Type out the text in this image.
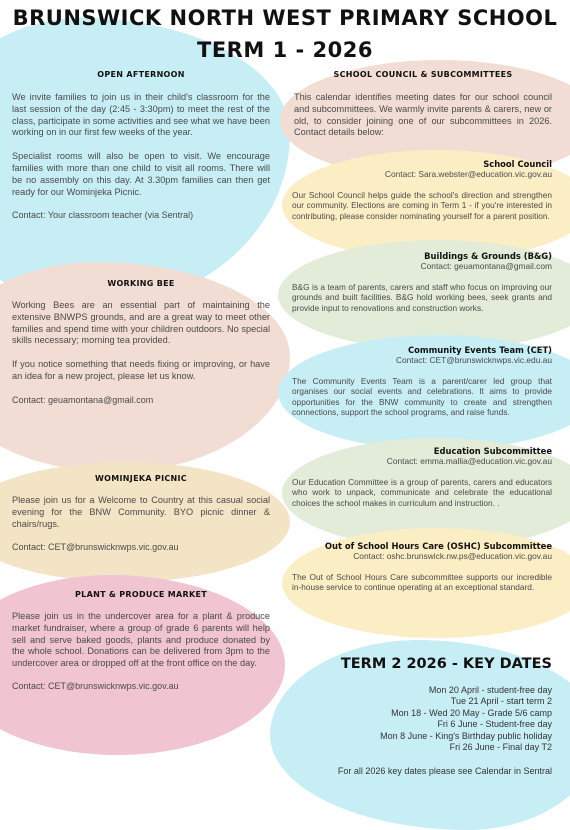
BRUNSWICK NORTH WEST PRIMARY SCHOOL
TERM 1 - 2026
OPEN AFTERNOON

We invite families to join us in their child's classroom for the last session of the day (2:45 - 3:30pm) to meet the rest of the class, participate in some activities and see what we have been working on in our first few weeks of the year.

Specialist rooms will also be open to visit. We encourage families with more than one child to visit all rooms. There will be no assembly on this day. At 3.30pm families can then get ready for our Wominjeka Picnic.

Contact: Your classroom teacher (via Sentral)

WORKING BEE

Working Bees are an essential part of maintaining the extensive BNWPS grounds, and are a great way to meet other families and spend time with your children outdoors. No special skills necessary; morning tea provided.

If you notice something that needs fixing or improving, or have an idea for a new project, please let us know.

Contact: geuamontana@gmail.com

WOMINJEKA PICNIC

Please join us for a Welcome to Country at this casual social evening for the BNW Community. BYO picnic dinner & chairs/rugs.

Contact: CET@brunswicknwps.vic.gov.au

PLANT & PRODUCE MARKET

Please join us in the undercover area for a plant & produce market fundraiser, where a group of grade 6 parents will help sell and serve baked goods, plants and produce donated by the whole school. Donations can be delivered from 3pm to the undercover area or dropped off at the front office on the day.

Contact: CET@brunswicknwps.vic.gov.au

SCHOOL COUNCIL & SUBCOMMITTEES

This calendar identifies meeting dates for our school council and subcommittees. We warmly invite parents & carers, new or old, to consider joining one of our subcommittees in 2026. Contact details below:

School Council
Contact: Sara.webster@education.vic.gov.au

Our School Council helps guide the school's direction and strengthen our community. Elections are coming in Term 1 - if you're interested in contributing, please consider nominating yourself for a parent position.

Buildings & Grounds (B&G)
Contact: geuamontana@gmail.com

B&G is a team of parents, carers and staff who focus on improving our grounds and built facilities. B&G hold working bees, seek grants and provide input to renovations and construction works.

Community Events Team (CET)
Contact: CET@brunswicknwps.vic.edu.au

The Community Events Team is a parent/carer led group that organises our social events and celebrations. It aims to provide opportunities for the BNW community to create and strengthen connections, support the school programs, and raise funds.

Education Subcommittee
Contact: emma.mallia@education.vic.gov.au

Our Education Committee is a group of parents, carers and educators who work to unpack, communicate and celebrate the educational choices the school makes in curriculum and instruction. .

Out of School Hours Care (OSHC) Subcommittee
Contact: oshc.brunswick.nw.ps@education.vic.gov.au

The Out of School Hours Care subcommittee supports our incredible in-house service to continue operating at an exceptional standard.

TERM 2 2026 - KEY DATES
Mon 20 April - student-free day
Tue 21 April - start term 2
Mon 18 - Wed 20 May - Grade 5/6 camp
Fri 6 June - Student-free day
Mon 8 June - King's Birthday public holiday
Fri 26 June - Final day T2
For all 2026 key dates please see Calendar in Sentral
